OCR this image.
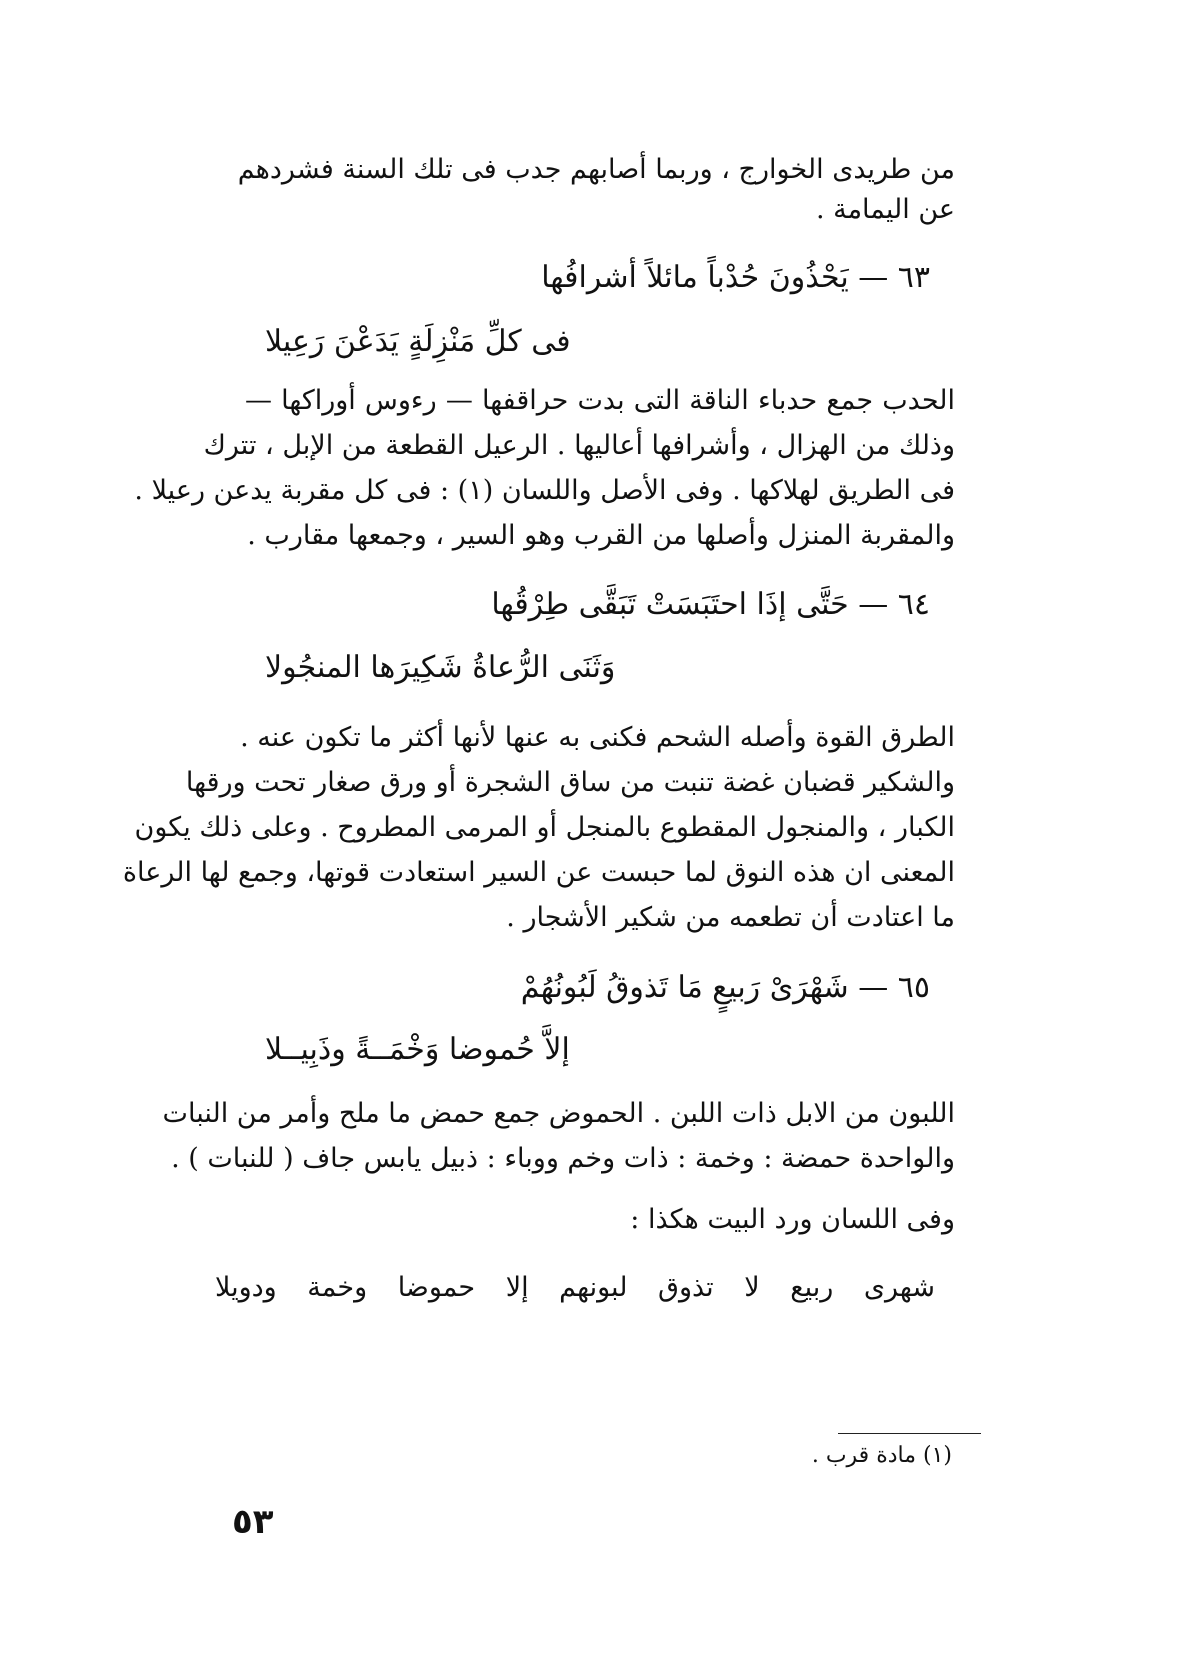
من طريدى الخوارج ، وربما أصابهم جدب فى تلك السنة فشردهم
عن اليمامة .
٦٣ — يَحْذُونَ حُدْباً مائلاً أشرافُها
فى كلِّ مَنْزِلَةٍ يَدَعْنَ رَعِيلا
الحدب جمع حدباء الناقة التى بدت حراقفها — رءوس أوراكها —
وذلك من الهزال ، وأشرافها أعاليها . الرعيل القطعة من الإبل ، تترك
فى الطريق لهلاكها . وفى الأصل واللسان (١) : فى كل مقربة يدعن رعيلا .
والمقربة المنزل وأصلها من القرب وهو السير ، وجمعها مقارب .
٦٤ — حَتَّى إذَا احتَبَسَتْ تَبَقَّى طِرْقُها
وَثَنَى الرُّعاةُ شَكِيرَها المنجُولا
الطرق القوة وأصله الشحم فكنى به عنها لأنها أكثر ما تكون عنه .
والشكير قضبان غضة تنبت من ساق الشجرة أو ورق صغار تحت ورقها
الكبار ، والمنجول المقطوع بالمنجل أو المرمى المطروح . وعلى ذلك يكون
المعنى ان هذه النوق لما حبست عن السير استعادت قوتها، وجمع لها الرعاة
ما اعتادت أن تطعمه من شكير الأشجار .
٦٥ — شَهْرَىْ رَبيعٍ مَا تَذوقُ لَبُونُهُمْ
إلاَّ حُموضا وَخْمَــةً وذَبِيــلا
اللبون من الابل ذات اللبن . الحموض جمع حمض ما ملح وأمر من النبات
والواحدة حمضة : وخمة : ذات وخم ووباء : ذبيل يابس جاف ( للنبات ) .
وفى اللسان ورد البيت هكذا :
شهرى ربيع لا تذوق لبونهم إلا حموضا وخمة ودويلا
(١) مادة قرب .
٥٣
